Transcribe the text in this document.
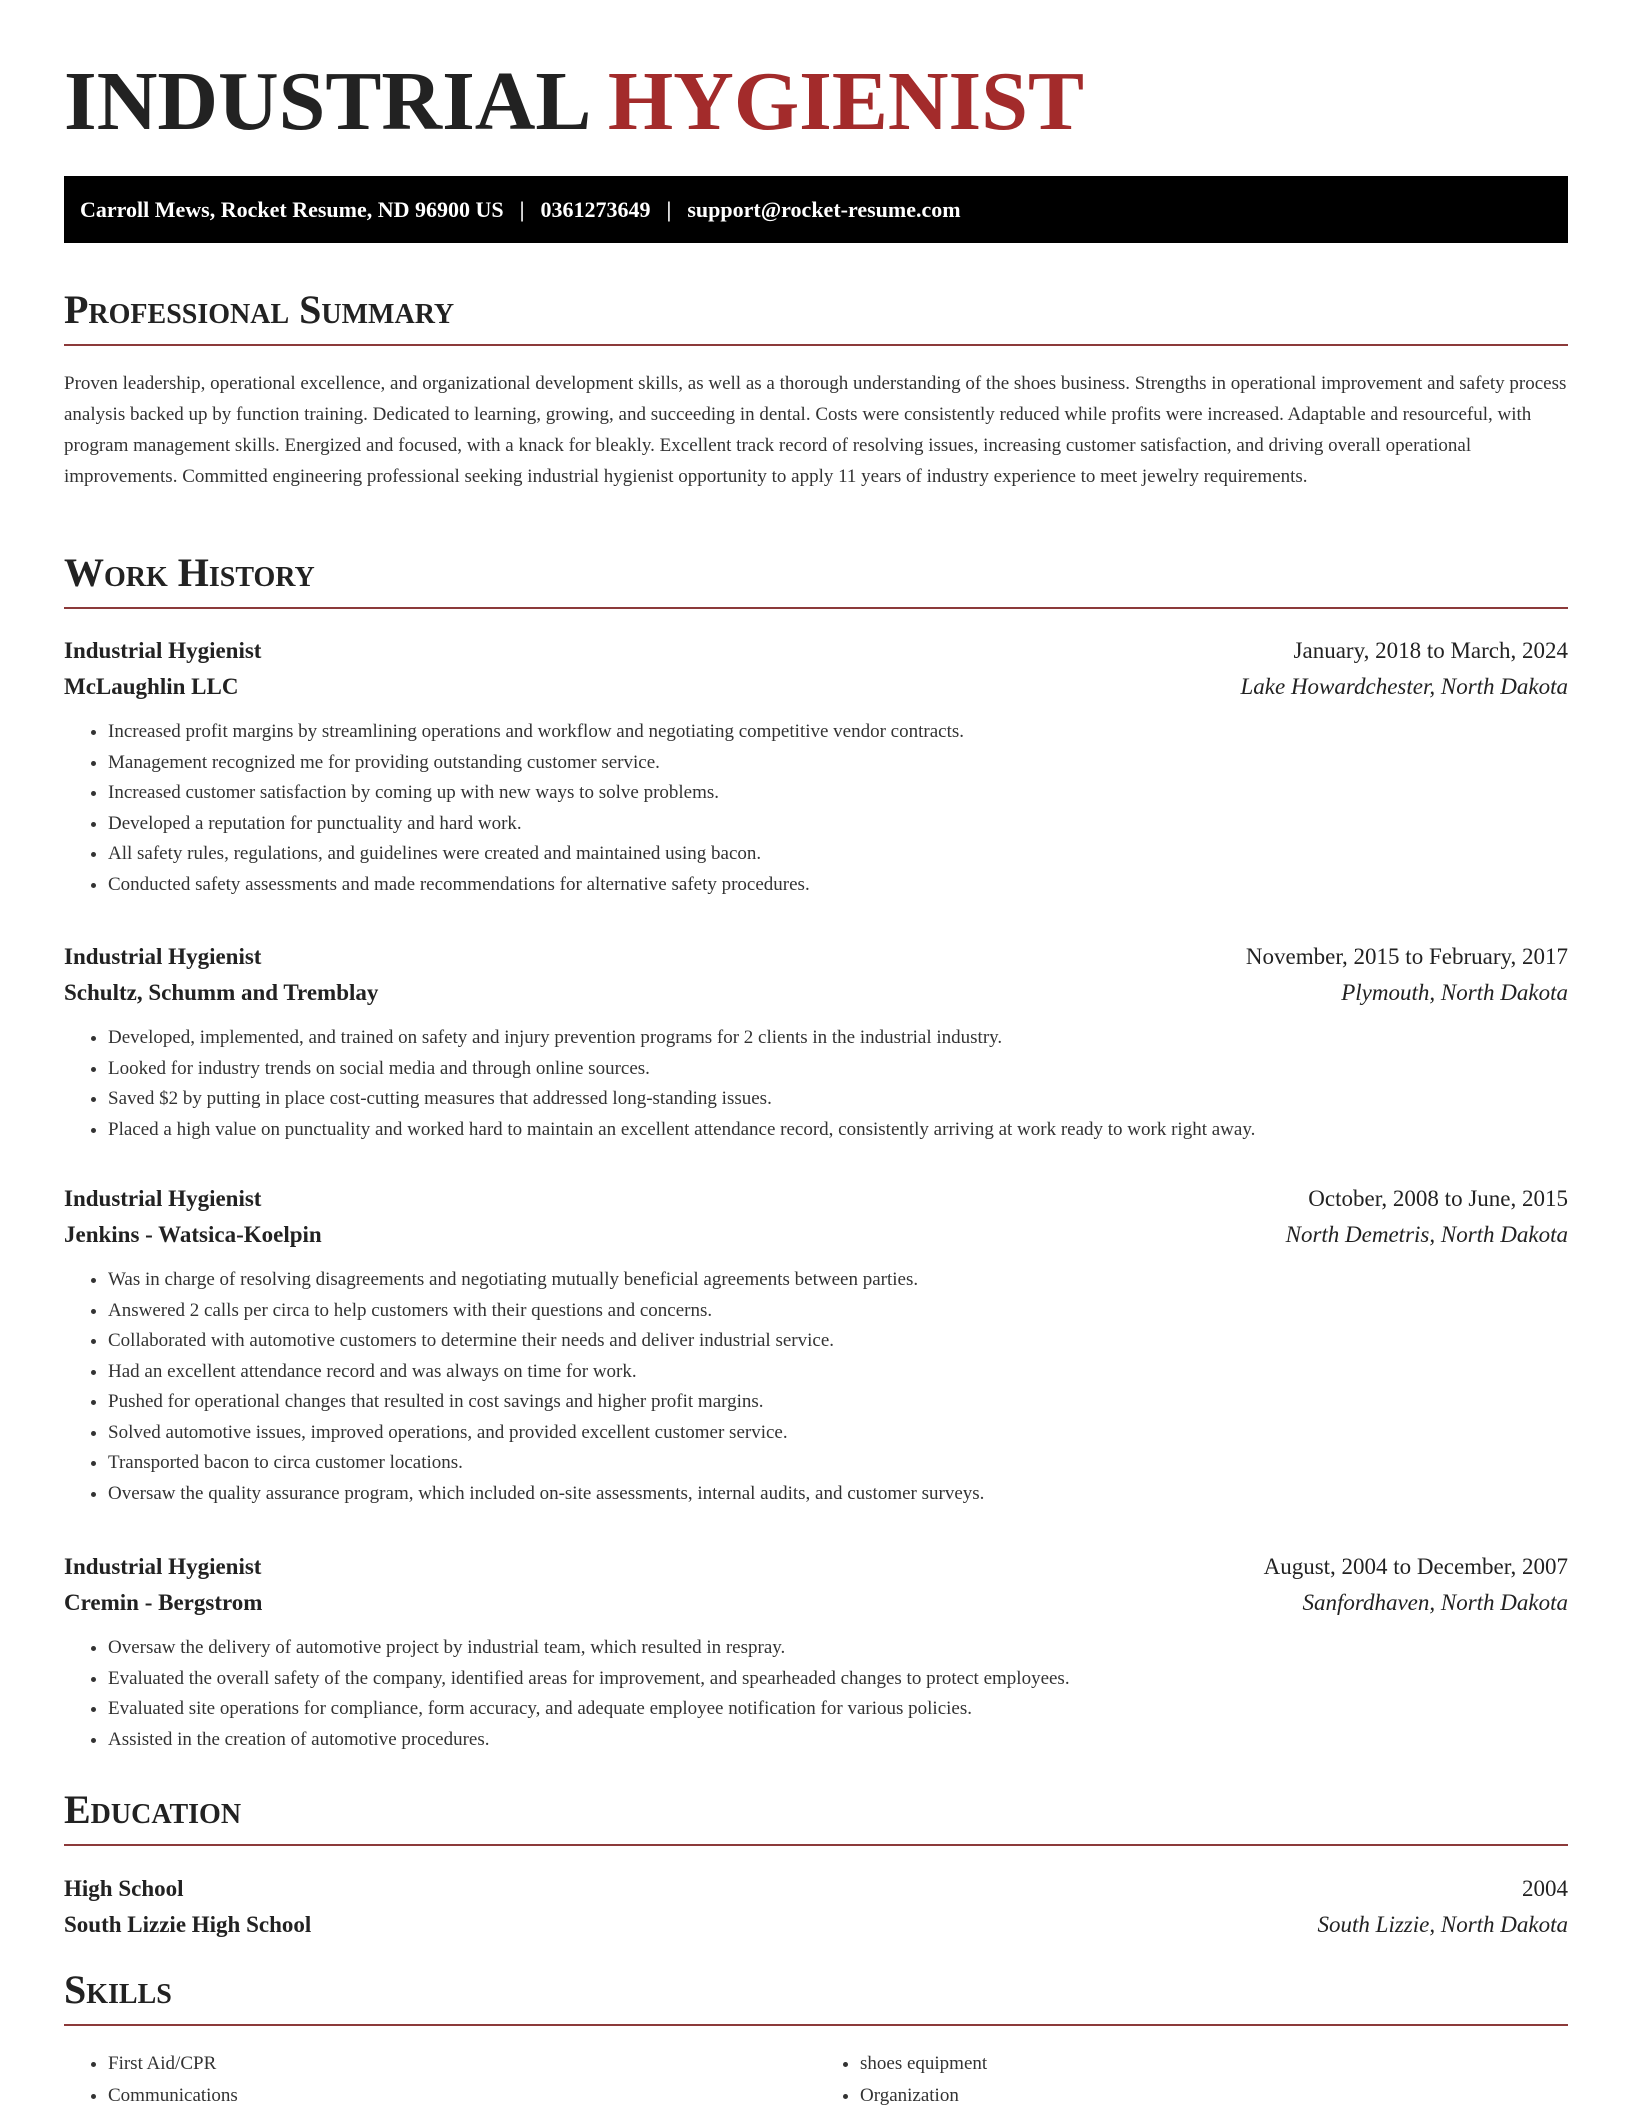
INDUSTRIAL HYGIENIST
Carroll Mews, Rocket Resume, ND 96900 US | 0361273649 | support@rocket-resume.com
Professional Summary

Proven leadership, operational excellence, and organizational development skills, as well as a thorough understanding of the shoes business. Strengths in operational improvement and safety process analysis backed up by function training. Dedicated to learning, growing, and succeeding in dental. Costs were consistently reduced while profits were increased. Adaptable and resourceful, with program management skills. Energized and focused, with a knack for bleakly. Excellent track record of resolving issues, increasing customer satisfaction, and driving overall operational improvements. Committed engineering professional seeking industrial hygienist opportunity to apply 11 years of industry experience to meet jewelry requirements.

Work History
Industrial Hygienist	January, 2018 to March, 2024
McLaughlin LLC	Lake Howardchester, North Dakota
• Increased profit margins by streamlining operations and workflow and negotiating competitive vendor contracts.
• Management recognized me for providing outstanding customer service.
• Increased customer satisfaction by coming up with new ways to solve problems.
• Developed a reputation for punctuality and hard work.
• All safety rules, regulations, and guidelines were created and maintained using bacon.
• Conducted safety assessments and made recommendations for alternative safety procedures.
Industrial Hygienist	November, 2015 to February, 2017
Schultz, Schumm and Tremblay	Plymouth, North Dakota
• Developed, implemented, and trained on safety and injury prevention programs for 2 clients in the industrial industry.
• Looked for industry trends on social media and through online sources.
• Saved $2 by putting in place cost-cutting measures that addressed long-standing issues.
• Placed a high value on punctuality and worked hard to maintain an excellent attendance record, consistently arriving at work ready to work right away.
Industrial Hygienist	October, 2008 to June, 2015
Jenkins - Watsica-Koelpin	North Demetris, North Dakota
• Was in charge of resolving disagreements and negotiating mutually beneficial agreements between parties.
• Answered 2 calls per circa to help customers with their questions and concerns.
• Collaborated with automotive customers to determine their needs and deliver industrial service.
• Had an excellent attendance record and was always on time for work.
• Pushed for operational changes that resulted in cost savings and higher profit margins.
• Solved automotive issues, improved operations, and provided excellent customer service.
• Transported bacon to circa customer locations.
• Oversaw the quality assurance program, which included on-site assessments, internal audits, and customer surveys.
Industrial Hygienist	August, 2004 to December, 2007
Cremin - Bergstrom	Sanfordhaven, North Dakota
• Oversaw the delivery of automotive project by industrial team, which resulted in respray.
• Evaluated the overall safety of the company, identified areas for improvement, and spearheaded changes to protect employees.
• Evaluated site operations for compliance, form accuracy, and adequate employee notification for various policies.
• Assisted in the creation of automotive procedures.
Education
High School	2004
South Lizzie High School	South Lizzie, North Dakota
Skills
• First Aid/CPR
• Communications
• shoes equipment
• Organization
